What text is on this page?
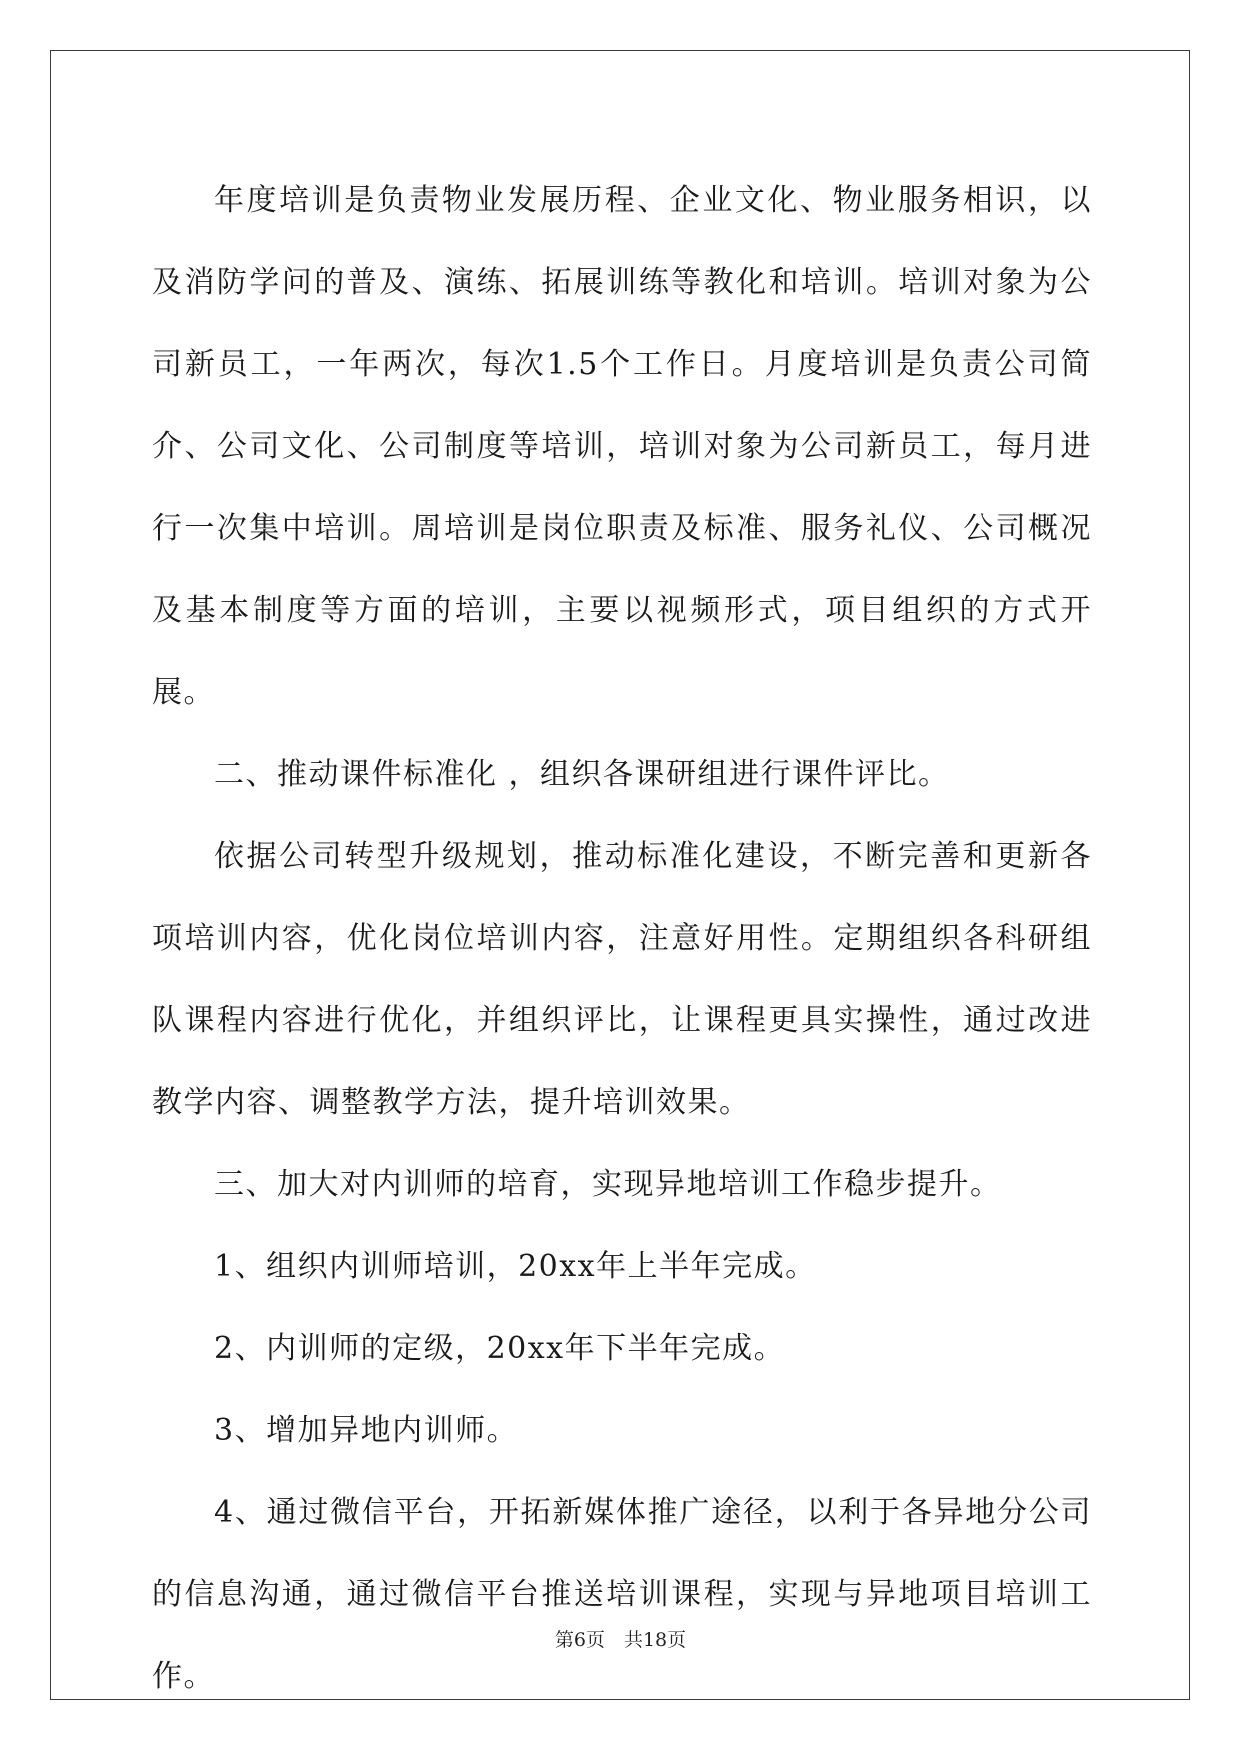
年度培训是负责物业发展历程、企业文化、物业服务相识，以及消防学问的普及、演练、拓展训练等教化和培训。培训对象为公司新员工，一年两次，每次1.5个工作日。月度培训是负责公司简介、公司文化、公司制度等培训，培训对象为公司新员工，每月进行一次集中培训。周培训是岗位职责及标准、服务礼仪、公司概况及基本制度等方面的培训，主要以视频形式，项目组织的方式开展。

二、推动课件标准化 ，组织各课研组进行课件评比。

依据公司转型升级规划，推动标准化建设，不断完善和更新各项培训内容，优化岗位培训内容，注意好用性。定期组织各科研组队课程内容进行优化，并组织评比，让课程更具实操性，通过改进教学内容、调整教学方法，提升培训效果。

三、加大对内训师的培育，实现异地培训工作稳步提升。

1、组织内训师培训，20xx年上半年完成。

2、内训师的定级，20xx年下半年完成。

3、增加异地内训师。

4、通过微信平台，开拓新媒体推广途径，以利于各异地分公司的信息沟通，通过微信平台推送培训课程，实现与异地项目培训工作。

第6页　共18页
